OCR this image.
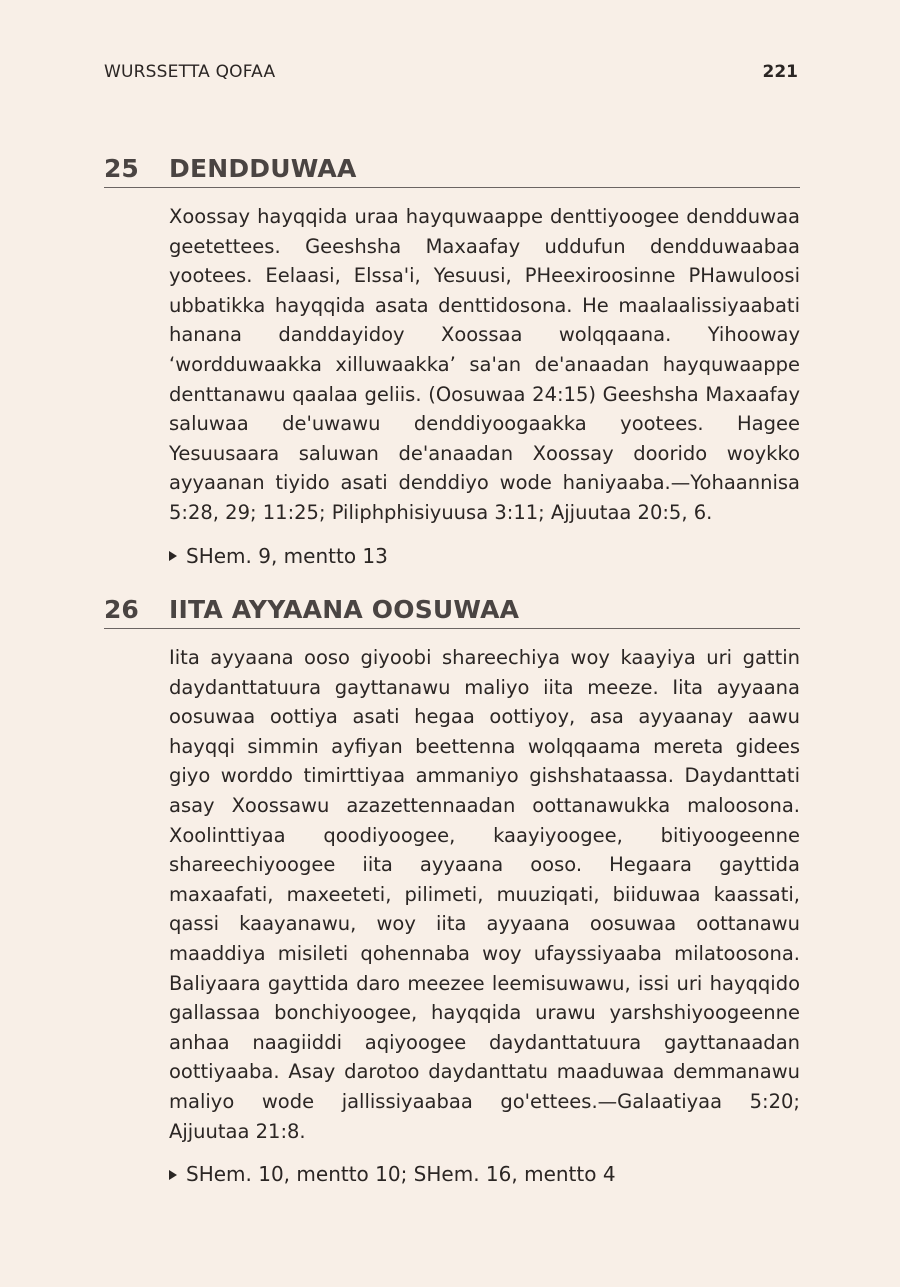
WURSSETTA QOFAA	221
25	DENDDUWAA

Xoossay hayqqida uraa hayquwaappe denttiyoogee dendduwaa geetettees. Geeshsha Maxaafay uddufun dendduwaabaa yootees. Eelaasi, Elssa'i, Yesuusi, PHeexiroosinne PHawuloosi ubbatikka hayqqida asata denttidosona. He maalaalissiyaabati hanana danddayidoy Xoossaa wolqqaana. Yihooway ‘wordduwaakka xilluwaakka’ sa'an de'anaadan hayquwaappe denttanawu qaalaa geliis. (Oosuwaa 24:15) Geeshsha Maxaafay saluwaa de'uwawu denddiyoogaakka yootees. Hagee Yesuusaara saluwan de'anaadan Xoossay doorido woykko ayyaanan tiyido asati denddiyo wode haniyaaba.—Yohaannisa 5:28, 29; 11:25; Piliphphisiyuusa 3:11; Ajjuutaa 20:5, 6.

SHem. 9, mentto 13
26	IITA AYYAANA OOSUWAA

Iita ayyaana ooso giyoobi shareechiya woy kaayiya uri gattin daydanttatuura gayttanawu maliyo iita meeze. Iita ayyaana oosuwaa oottiya asati hegaa oottiyoy, asa ayyaanay aawu hayqqi simmin ayfiyan beettenna wolqqaama mereta gidees giyo worddo timirttiyaa ammaniyo gishshataassa. Daydanttati asay Xoossawu azazettennaadan oottanawukka maloosona. Xoolinttiyaa qoodiyoogee, kaayiyoogee, bitiyoogeenne shareechiyoogee iita ayyaana ooso. Hegaara gayttida maxaafati, maxeeteti, pilimeti, muuziqati, biiduwaa kaassati, qassi kaayanawu, woy iita ayyaana oosuwaa oottanawu maaddiya misileti qohennaba woy ufayssiyaaba milatoosona. Baliyaara gayttida daro meezee leemisuwawu, issi uri hayqqido gallassaa bonchiyoogee, hayqqida urawu yarshshiyoogeenne anhaa naagiiddi aqiyoogee daydanttatuura gayttanaadan oottiyaaba. Asay darotoo daydanttatu maaduwaa demmanawu maliyo wode jallissiyaabaa go'ettees.—Galaatiyaa 5:20; Ajjuutaa 21:8.

SHem. 10, mentto 10; SHem. 16, mentto 4
